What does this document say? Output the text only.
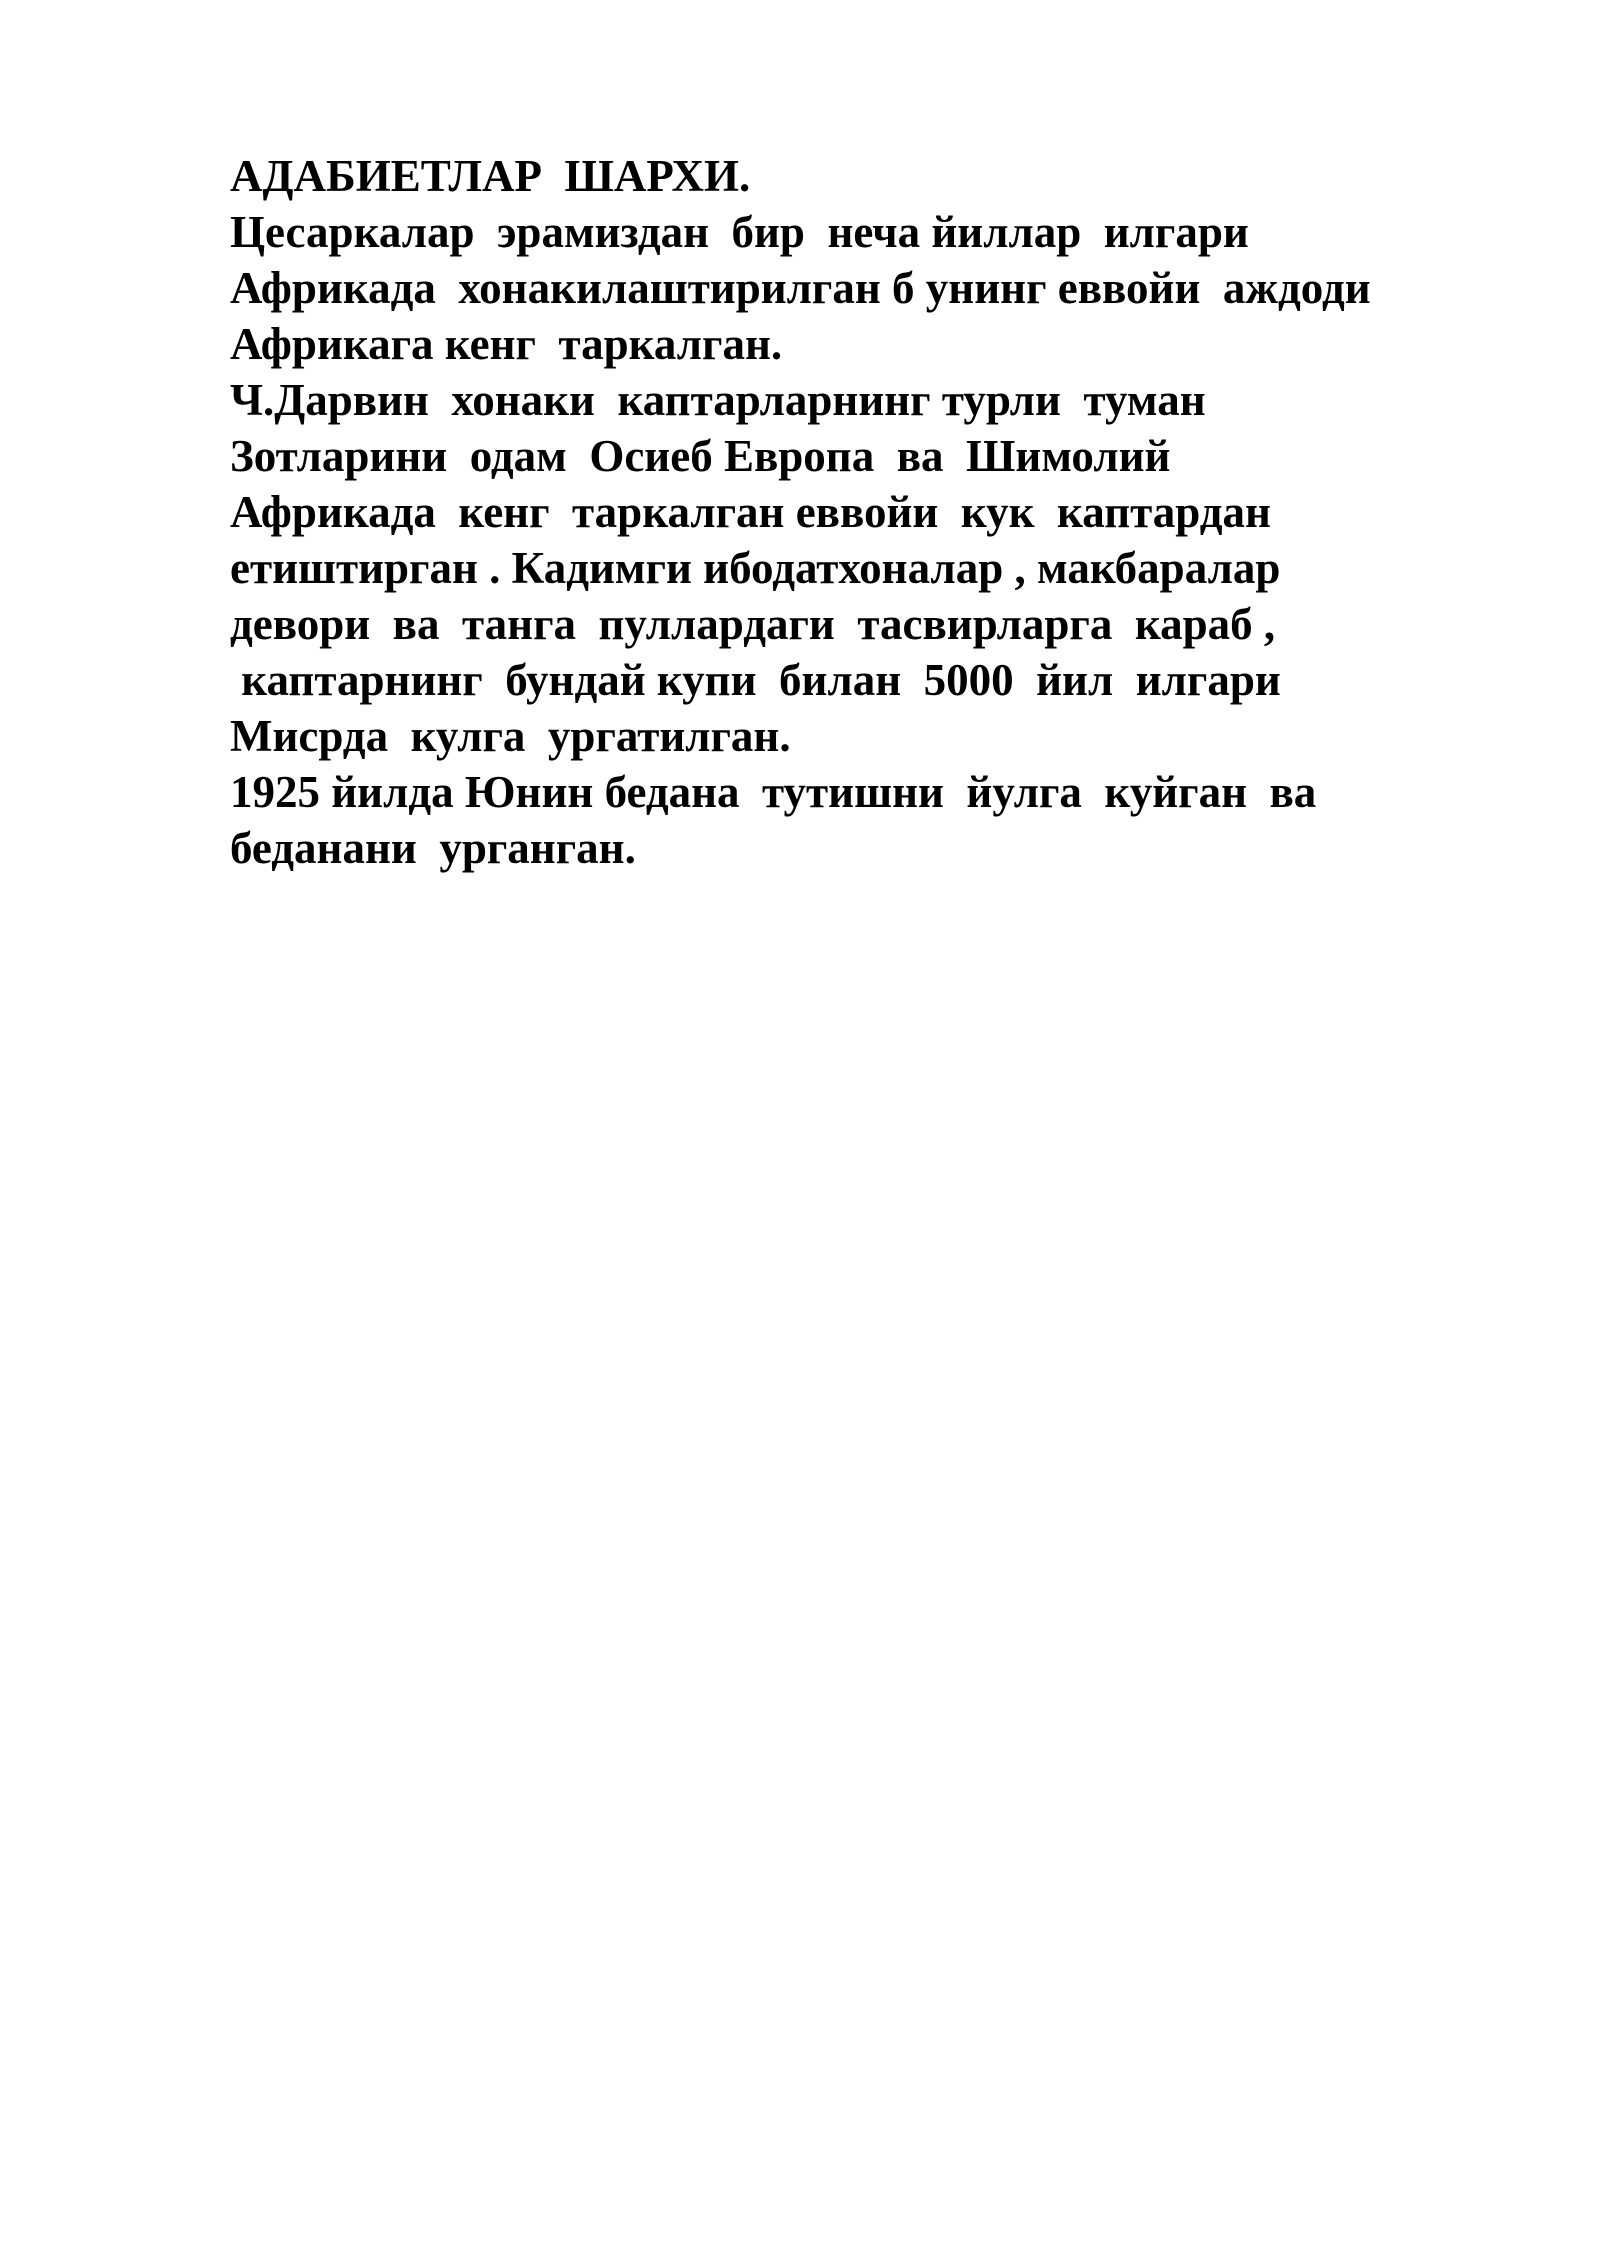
АДАБИЕТЛАР  ШАРХИ.
Цесаркалар  эрамиздан  бир  неча йиллар  илгари
Африкада  хонакилаштирилган б унинг еввойи  аждоди
Африкага кенг  таркалган.
Ч.Дарвин  хонаки  каптарларнинг турли  туман
Зотларини  одам  Осиеб Европа  ва  Шимолий
Африкада  кенг  таркалган еввойи  кук  каптардан
етиштирган . Кадимги ибодатхоналар , макбаралар
девори  ва  танга  пуллардаги  тасвирларга  караб ,
каптарнинг  бундай купи  билан  5000  йил  илгари
Мисрда  кулга  ургатилган.
1925 йилда Юнин бедана  тутишни  йулга  куйган  ва
беданани  урганган.
